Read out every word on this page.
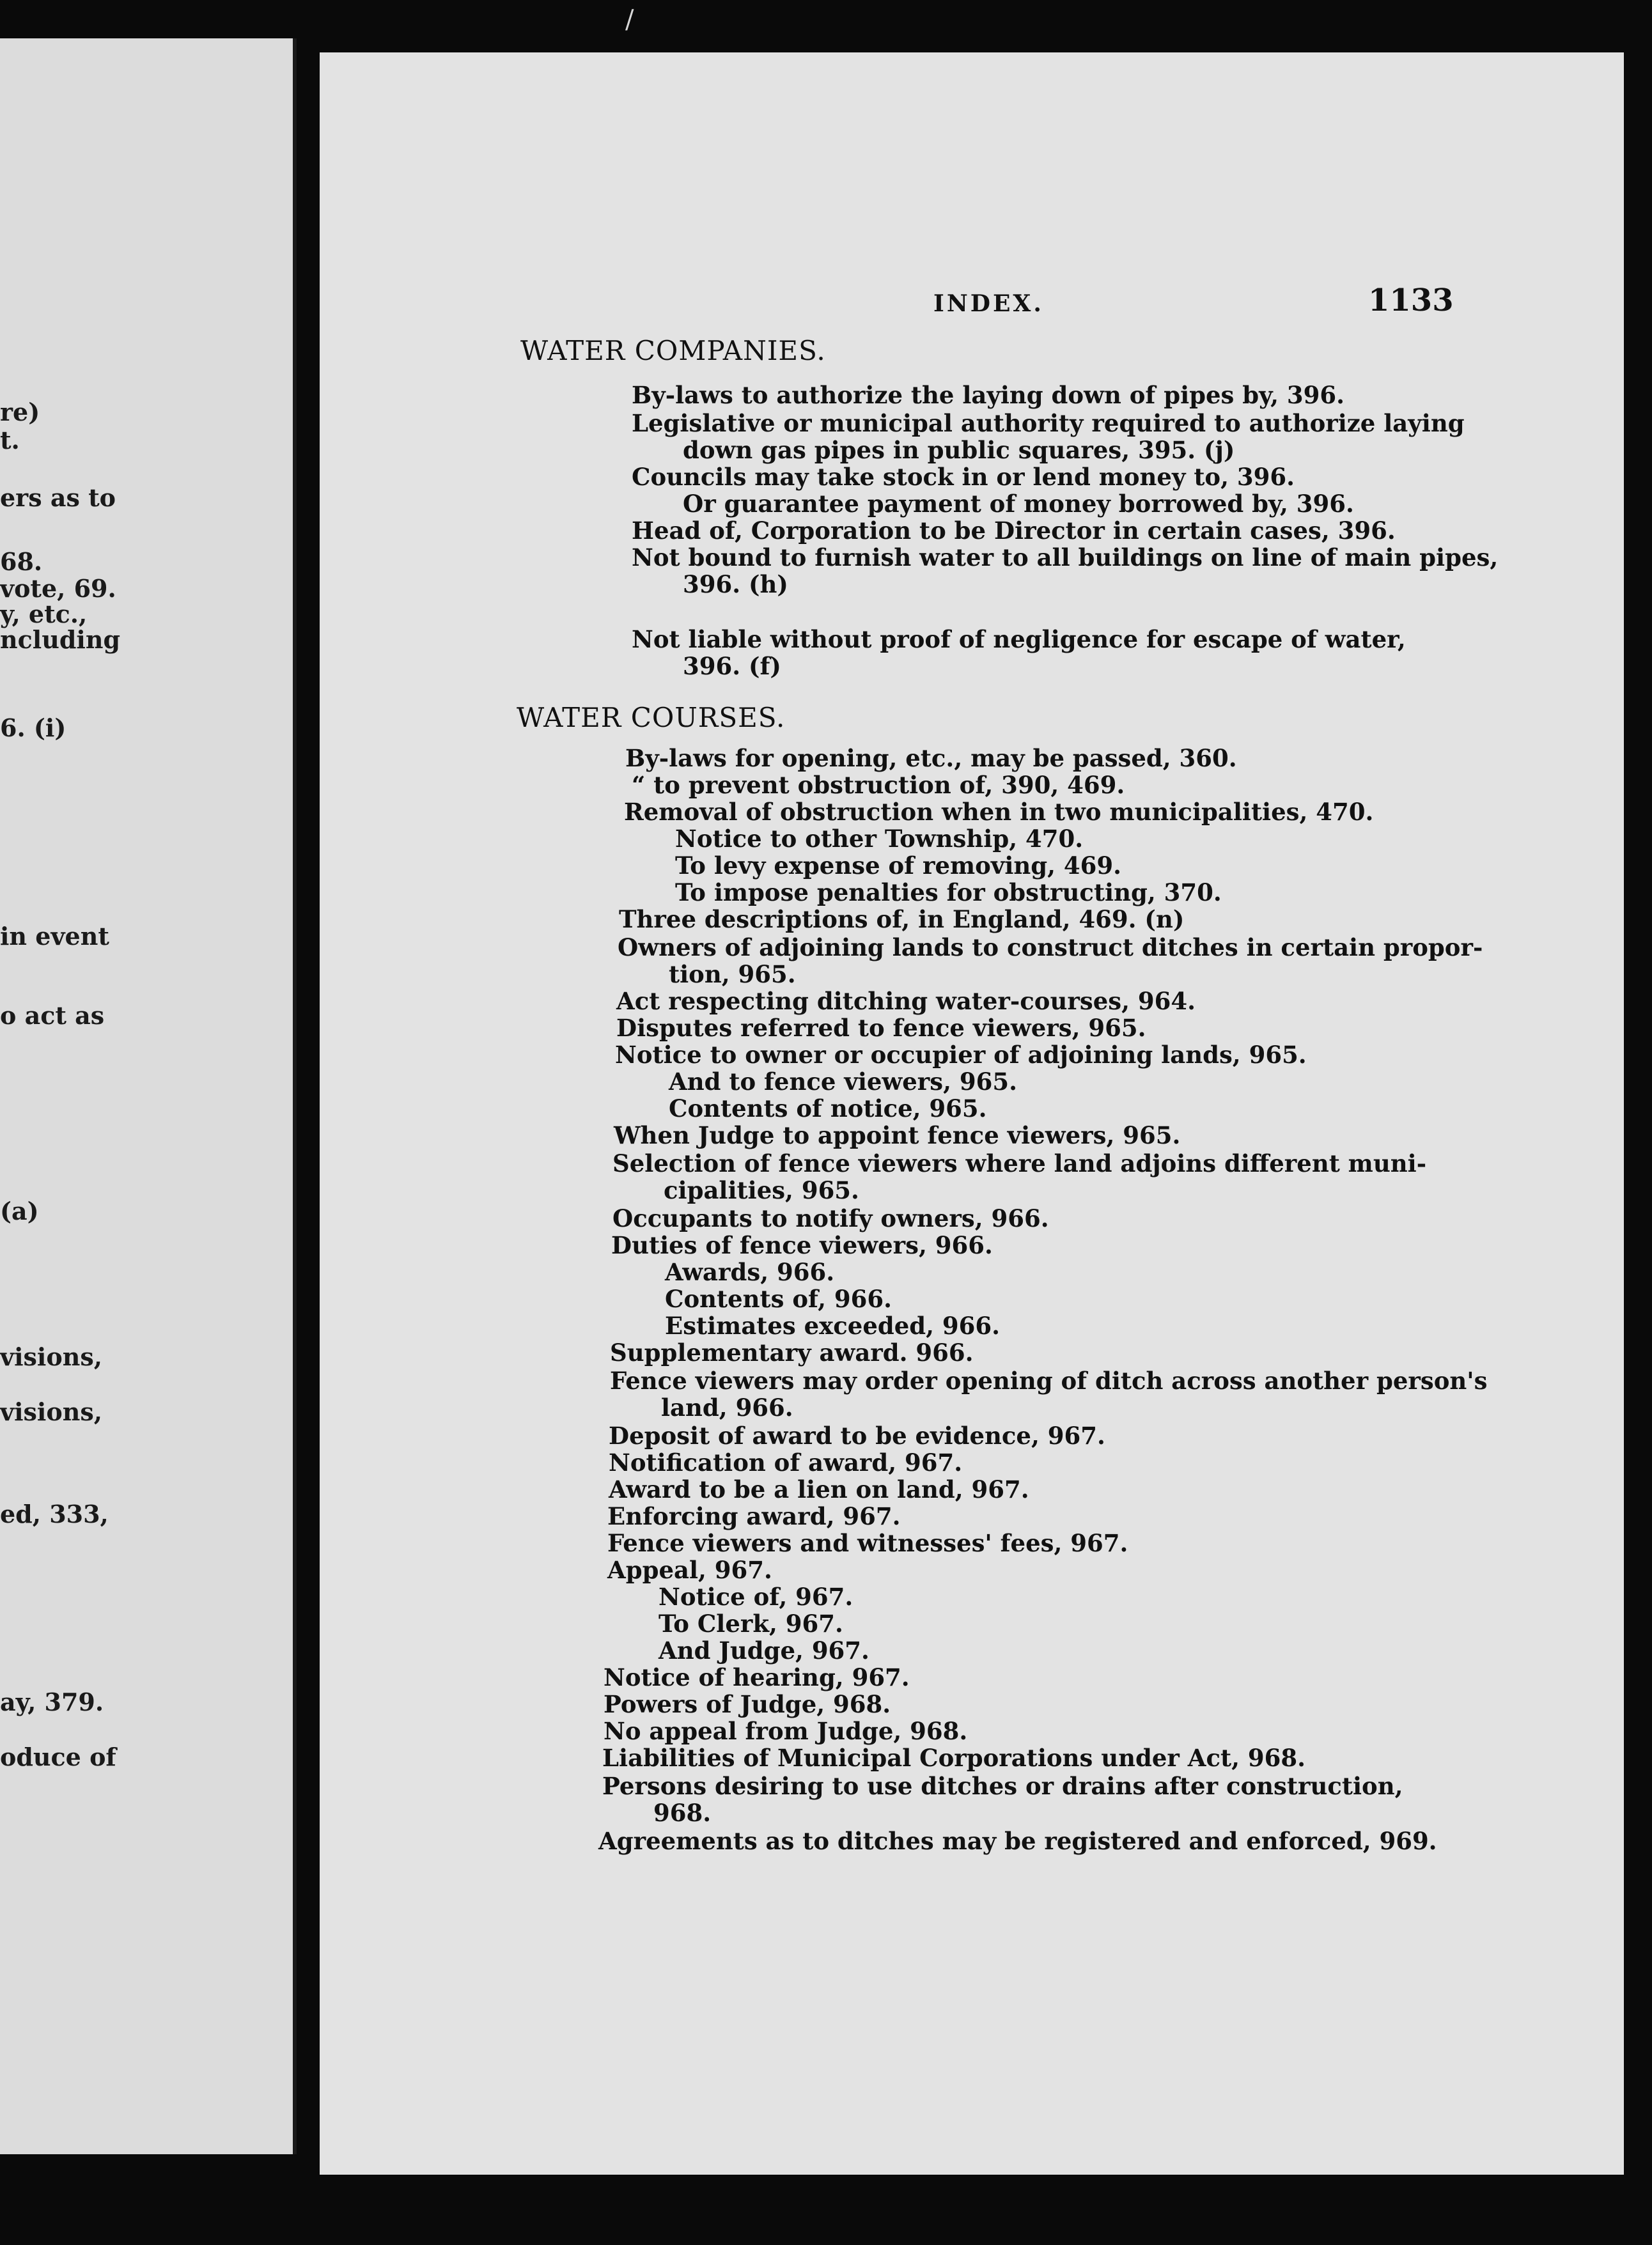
re)
t.
ers as to
68.
vote, 69.
y, etc.,
ncluding
6. (i)
in event
o act as
(a)
visions,
visions,
ed, 333,
ay, 379.
oduce of
/
INDEX.	1133
WATER COMPANIES.
By-laws to authorize the laying down of pipes by, 396.
Legislative or municipal authority required to authorize laying
down gas pipes in public squares, 395. (j)
Councils may take stock in or lend money to, 396.
Or guarantee payment of money borrowed by, 396.
Head of, Corporation to be Director in certain cases, 396.
Not bound to furnish water to all buildings on line of main pipes,
396. (h)
Not liable without proof of negligence for escape of water,
396. (f)
WATER COURSES.
By-laws for opening, etc., may be passed, 360.
“ to prevent obstruction of, 390, 469.
Removal of obstruction when in two municipalities, 470.
Notice to other Township, 470.
To levy expense of removing, 469.
To impose penalties for obstructing, 370.
Three descriptions of, in England, 469. (n)
Owners of adjoining lands to construct ditches in certain propor-
tion, 965.
Act respecting ditching water-courses, 964.
Disputes referred to fence viewers, 965.
Notice to owner or occupier of adjoining lands, 965.
And to fence viewers, 965.
Contents of notice, 965.
When Judge to appoint fence viewers, 965.
Selection of fence viewers where land adjoins different muni-
cipalities, 965.
Occupants to notify owners, 966.
Duties of fence viewers, 966.
Awards, 966.
Contents of, 966.
Estimates exceeded, 966.
Supplementary award. 966.
Fence viewers may order opening of ditch across another person's
land, 966.
Deposit of award to be evidence, 967.
Notification of award, 967.
Award to be a lien on land, 967.
Enforcing award, 967.
Fence viewers and witnesses' fees, 967.
Appeal, 967.
Notice of, 967.
To Clerk, 967.
And Judge, 967.
Notice of hearing, 967.
Powers of Judge, 968.
No appeal from Judge, 968.
Liabilities of Municipal Corporations under Act, 968.
Persons desiring to use ditches or drains after construction,
968.
Agreements as to ditches may be registered and enforced, 969.
